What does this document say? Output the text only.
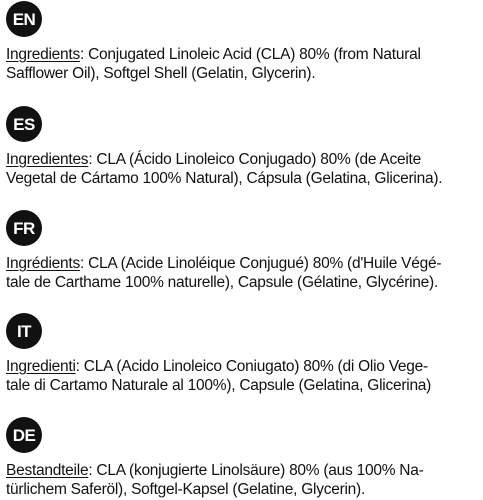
EN
Ingredients: Conjugated Linoleic Acid (CLA) 80% (from Natural
Safflower Oil), Softgel Shell (Gelatin, Glycerin).
ES
Ingredientes: CLA (Ácido Linoleico Conjugado) 80% (de Aceite
Vegetal de Cártamo 100% Natural), Cápsula (Gelatina, Glicerina).
FR
Ingrédients: CLA (Acide Linoléique Conjugué) 80% (d'Huile Végé-
tale de Carthame 100% naturelle), Capsule (Gélatine, Glycérine).
IT
Ingredienti: CLA (Acido Linoleico Coniugato) 80% (di Olio Vege-
tale di Cartamo Naturale al 100%), Capsule (Gelatina, Glicerina)
DE
Bestandteile: CLA (konjugierte Linolsäure) 80% (aus 100% Na-
türlichem Saferöl), Softgel-Kapsel (Gelatine, Glycerin).
